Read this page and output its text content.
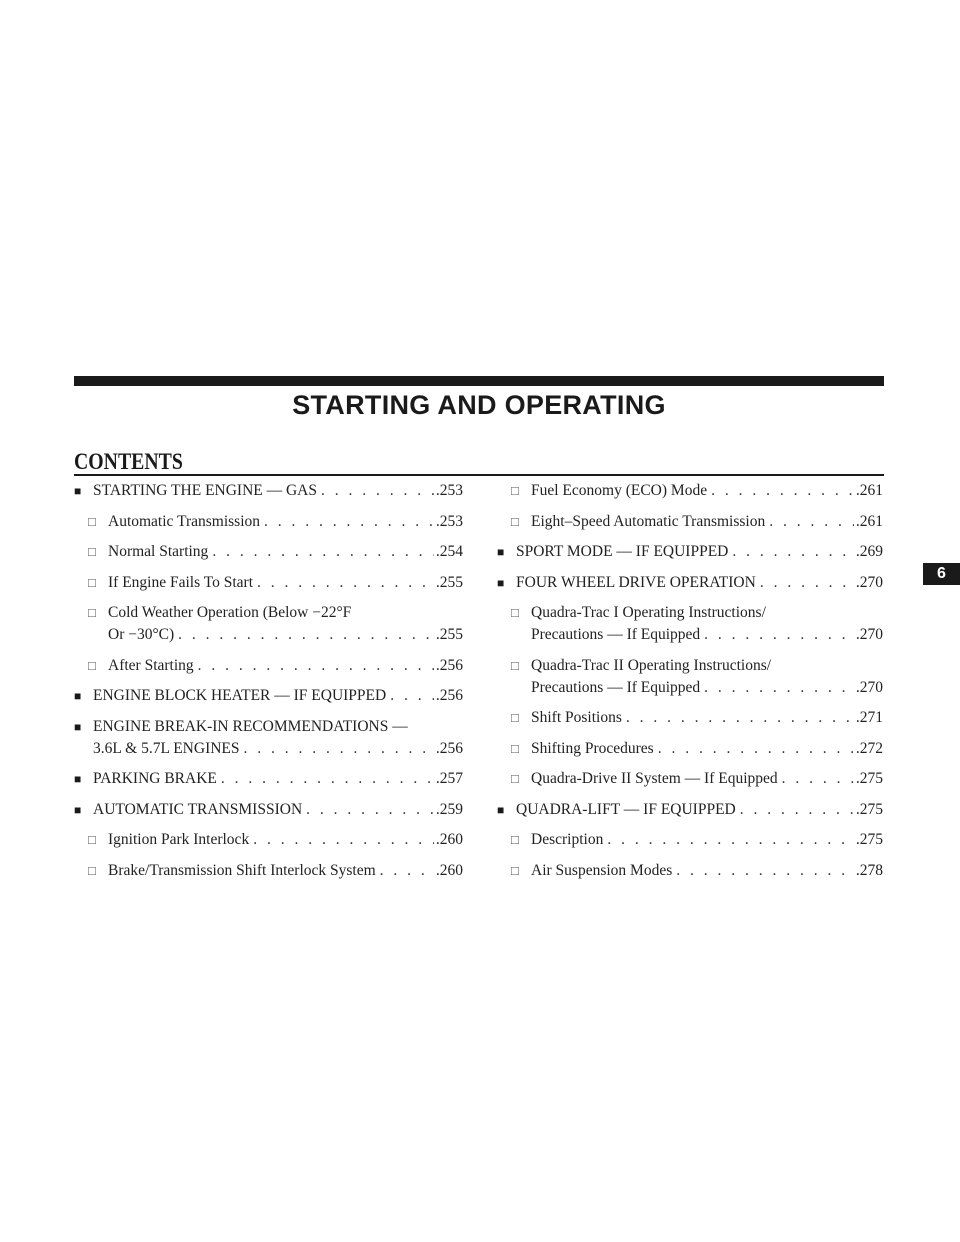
STARTING AND OPERATING
CONTENTS
■ STARTING THE ENGINE — GAS . . .	.253
□ Automatic Transmission . . .	.253
□ Normal Starting . . .	.254
□ If Engine Fails To Start . . .	.255
□ Cold Weather Operation (Below −22°F
Or −30°C) . . .	.255
□ After Starting . . .	.256
■ ENGINE BLOCK HEATER — IF EQUIPPED . . .	.256
■ ENGINE BREAK-IN RECOMMENDATIONS —
3.6L & 5.7L ENGINES . . .	.256
■ PARKING BRAKE . . .	.257
■ AUTOMATIC TRANSMISSION . . .	.259
□ Ignition Park Interlock . . .	.260
□ Brake/Transmission Shift Interlock System . . .	.260
□ Fuel Economy (ECO) Mode . . .	.261
□ Eight–Speed Automatic Transmission . . .	.261
■ SPORT MODE — IF EQUIPPED . . .	.269
■ FOUR WHEEL DRIVE OPERATION . . .	.270
□ Quadra-Trac I Operating Instructions/
Precautions — If Equipped . . .	.270
□ Quadra-Trac II Operating Instructions/
Precautions — If Equipped . . .	.270
□ Shift Positions . . .	.271
□ Shifting Procedures . . .	.272
□ Quadra-Drive II System — If Equipped . . .	.275
■ QUADRA-LIFT — IF EQUIPPED . . .	.275
□ Description . . .	.275
□ Air Suspension Modes . . .	.278
6
